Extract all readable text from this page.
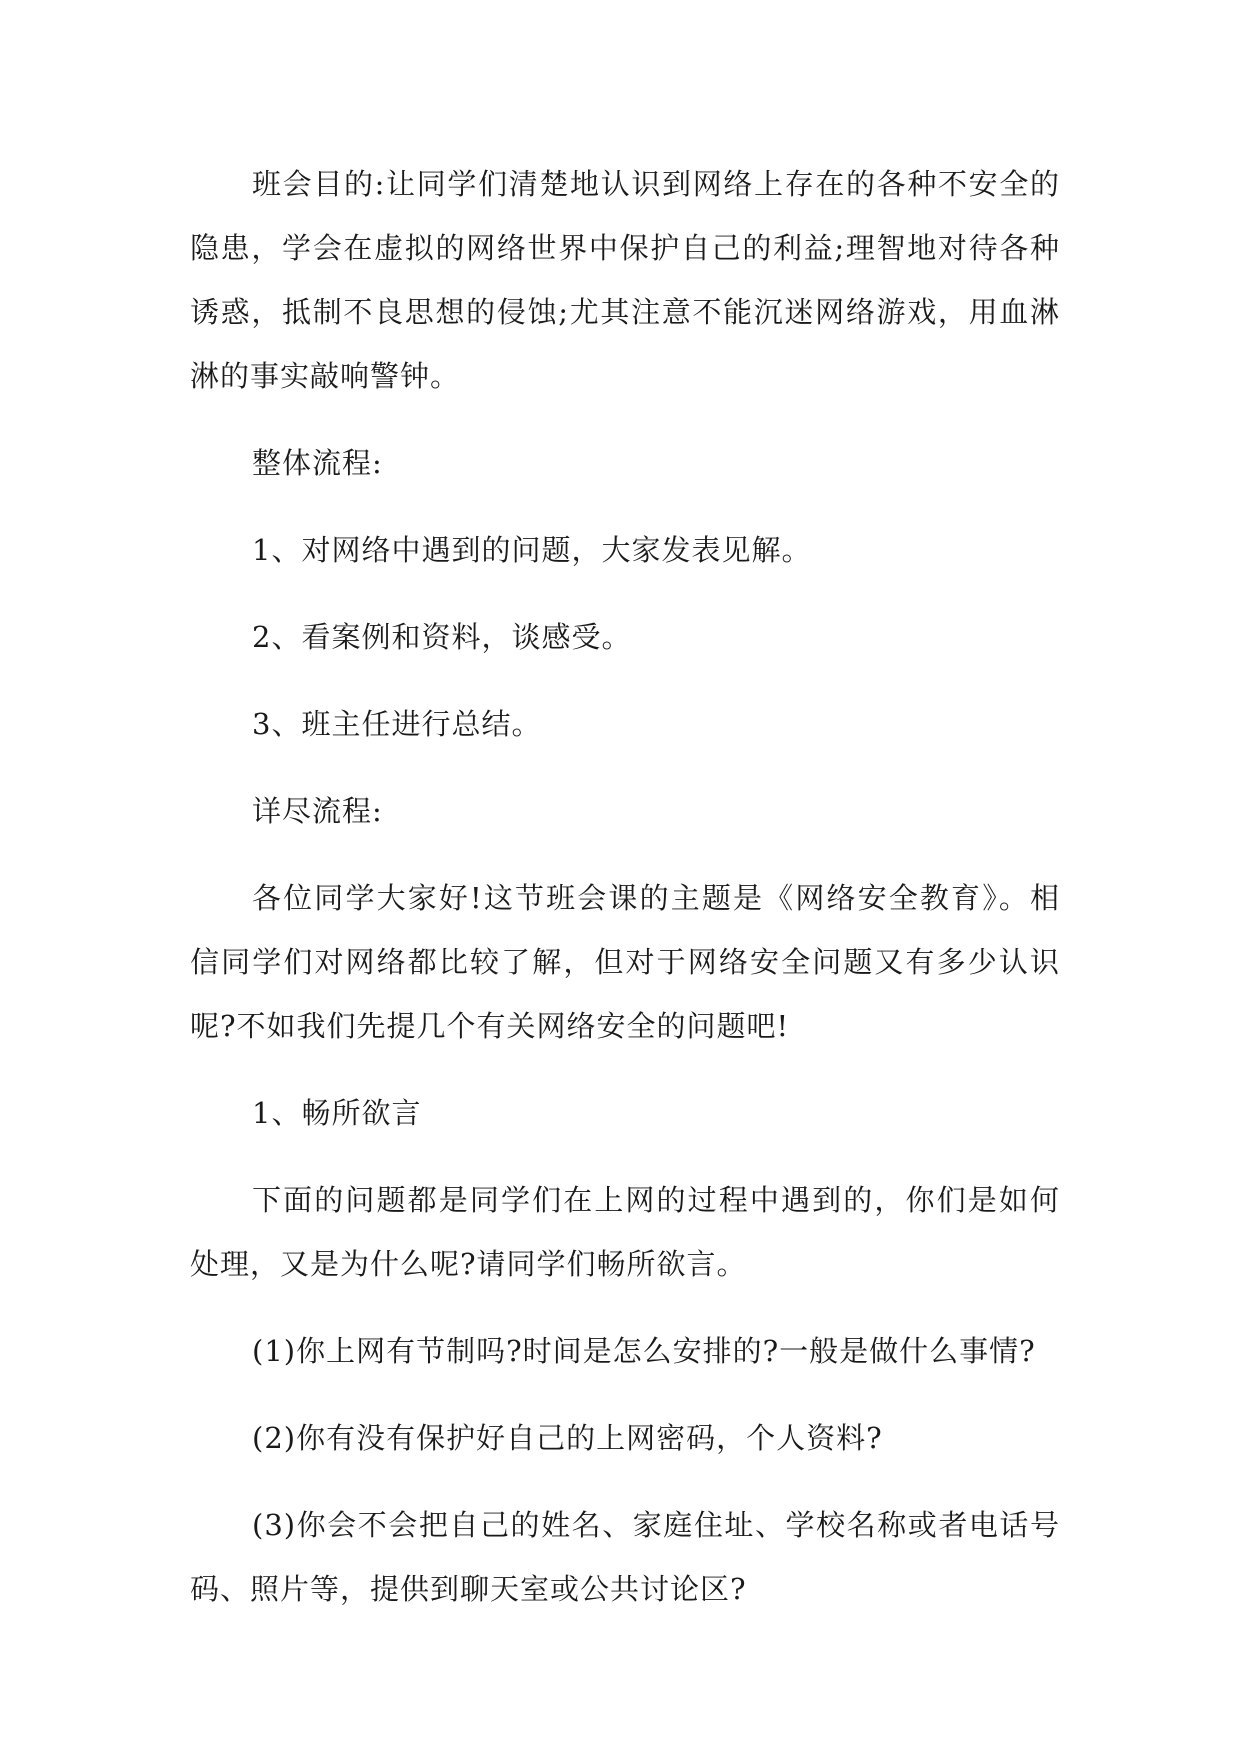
班会目的:让同学们清楚地认识到网络上存在的各种不安全的隐患，学会在虚拟的网络世界中保护自己的利益;理智地对待各种诱惑，抵制不良思想的侵蚀;尤其注意不能沉迷网络游戏，用血淋淋的事实敲响警钟。

整体流程:

1、对网络中遇到的问题，大家发表见解。

2、看案例和资料，谈感受。

3、班主任进行总结。

详尽流程:

各位同学大家好!这节班会课的主题是《网络安全教育》。相信同学们对网络都比较了解，但对于网络安全问题又有多少认识呢?不如我们先提几个有关网络安全的问题吧!

1、畅所欲言

下面的问题都是同学们在上网的过程中遇到的，你们是如何处理，又是为什么呢?请同学们畅所欲言。

(1)你上网有节制吗?时间是怎么安排的?一般是做什么事情?

(2)你有没有保护好自己的上网密码，个人资料?

(3)你会不会把自己的姓名、家庭住址、学校名称或者电话号码、照片等，提供到聊天室或公共讨论区?
